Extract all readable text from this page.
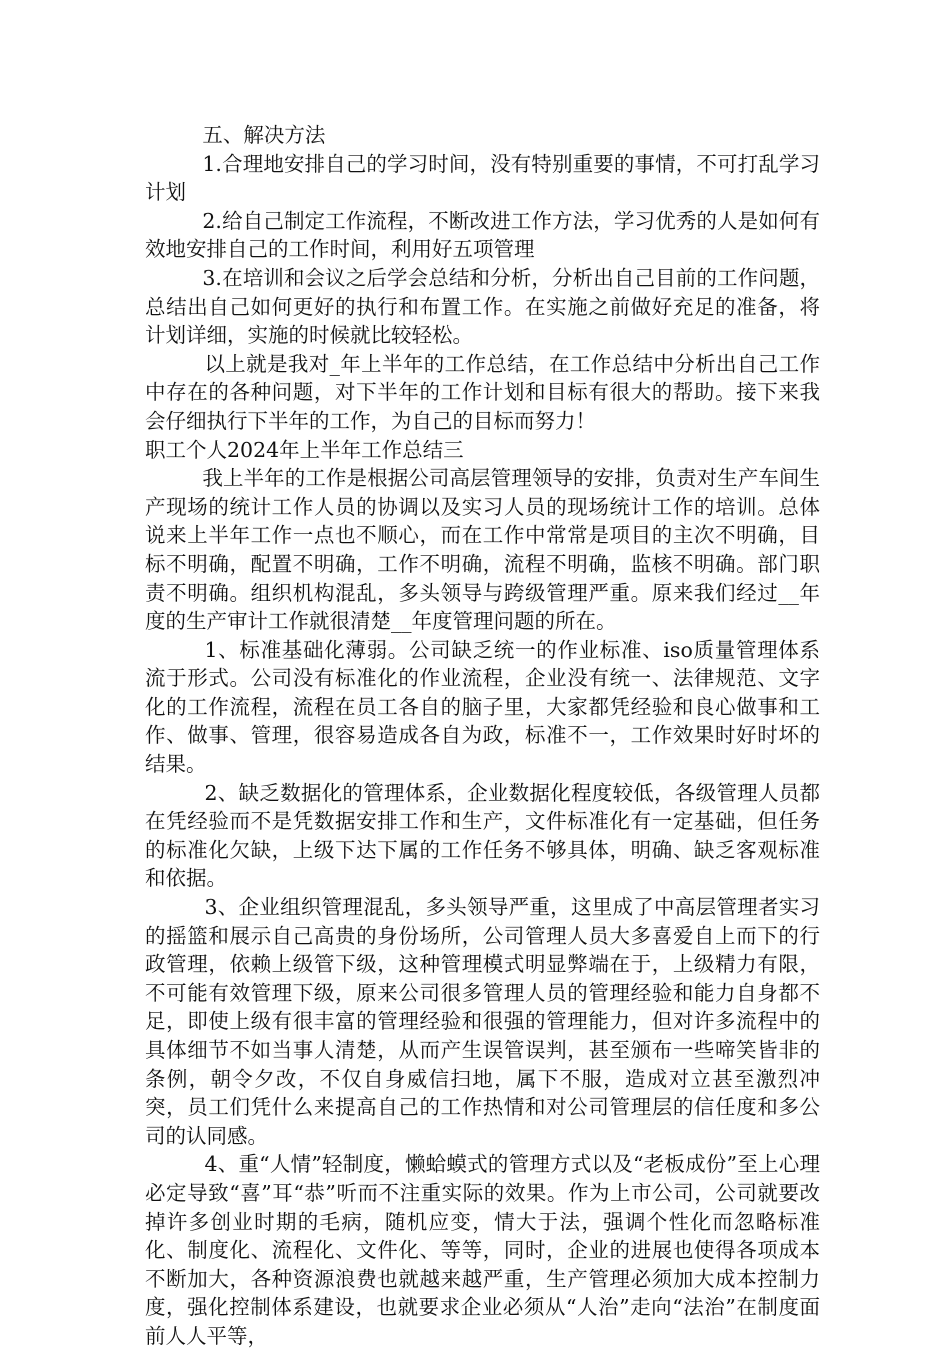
五、解决方法

1.合理地安排自己的学习时间，没有特别重要的事情，不可打乱学习计划

2.给自己制定工作流程，不断改进工作方法，学习优秀的人是如何有效地安排自己的工作时间，利用好五项管理

3.在培训和会议之后学会总结和分析，分析出自己目前的工作问题，总结出自己如何更好的执行和布置工作。在实施之前做好充足的准备，将计划详细，实施的时候就比较轻松。

以上就是我对_年上半年的工作总结，在工作总结中分析出自己工作中存在的各种问题，对下半年的工作计划和目标有很大的帮助。接下来我会仔细执行下半年的工作，为自己的目标而努力！

职工个人2024年上半年工作总结三

我上半年的工作是根据公司高层管理领导的安排，负责对生产车间生产现场的统计工作人员的协调以及实习人员的现场统计工作的培训。总体说来上半年工作一点也不顺心，而在工作中常常是项目的主次不明确，目标不明确，配置不明确，工作不明确，流程不明确，监核不明确。部门职责不明确。组织机构混乱，多头领导与跨级管理严重。原来我们经过__年度的生产审计工作就很清楚__年度管理问题的所在。

1、标准基础化薄弱。公司缺乏统一的作业标准、iso质量管理体系流于形式。公司没有标准化的作业流程，企业没有统一、法律规范、文字化的工作流程，流程在员工各自的脑子里，大家都凭经验和良心做事和工作、做事、管理，很容易造成各自为政，标准不一，工作效果时好时坏的结果。

2、缺乏数据化的管理体系，企业数据化程度较低，各级管理人员都在凭经验而不是凭数据安排工作和生产，文件标准化有一定基础，但任务的标准化欠缺，上级下达下属的工作任务不够具体，明确、缺乏客观标准和依据。

3、企业组织管理混乱，多头领导严重，这里成了中高层管理者实习的摇篮和展示自己高贵的身份场所，公司管理人员大多喜爱自上而下的行政管理，依赖上级管下级，这种管理模式明显弊端在于，上级精力有限，不可能有效管理下级，原来公司很多管理人员的管理经验和能力自身都不足，即使上级有很丰富的管理经验和很强的管理能力，但对许多流程中的具体细节不如当事人清楚，从而产生误管误判，甚至颁布一些啼笑皆非的条例，朝令夕改，不仅自身威信扫地，属下不服，造成对立甚至激烈冲突，员工们凭什么来提高自己的工作热情和对公司管理层的信任度和多公司的认同感。

4、重“人情”轻制度，懒蛤蟆式的管理方式以及“老板成份”至上心理必定导致“喜”耳“恭”听而不注重实际的效果。作为上市公司，公司就要改掉许多创业时期的毛病，随机应变，情大于法，强调个性化而忽略标准化、制度化、流程化、文件化、等等，同时，企业的进展也使得各项成本不断加大，各种资源浪费也就越来越严重，生产管理必须加大成本控制力度，强化控制体系建设，也就要求企业必须从“人治”走向“法治”在制度面前人人平等，
